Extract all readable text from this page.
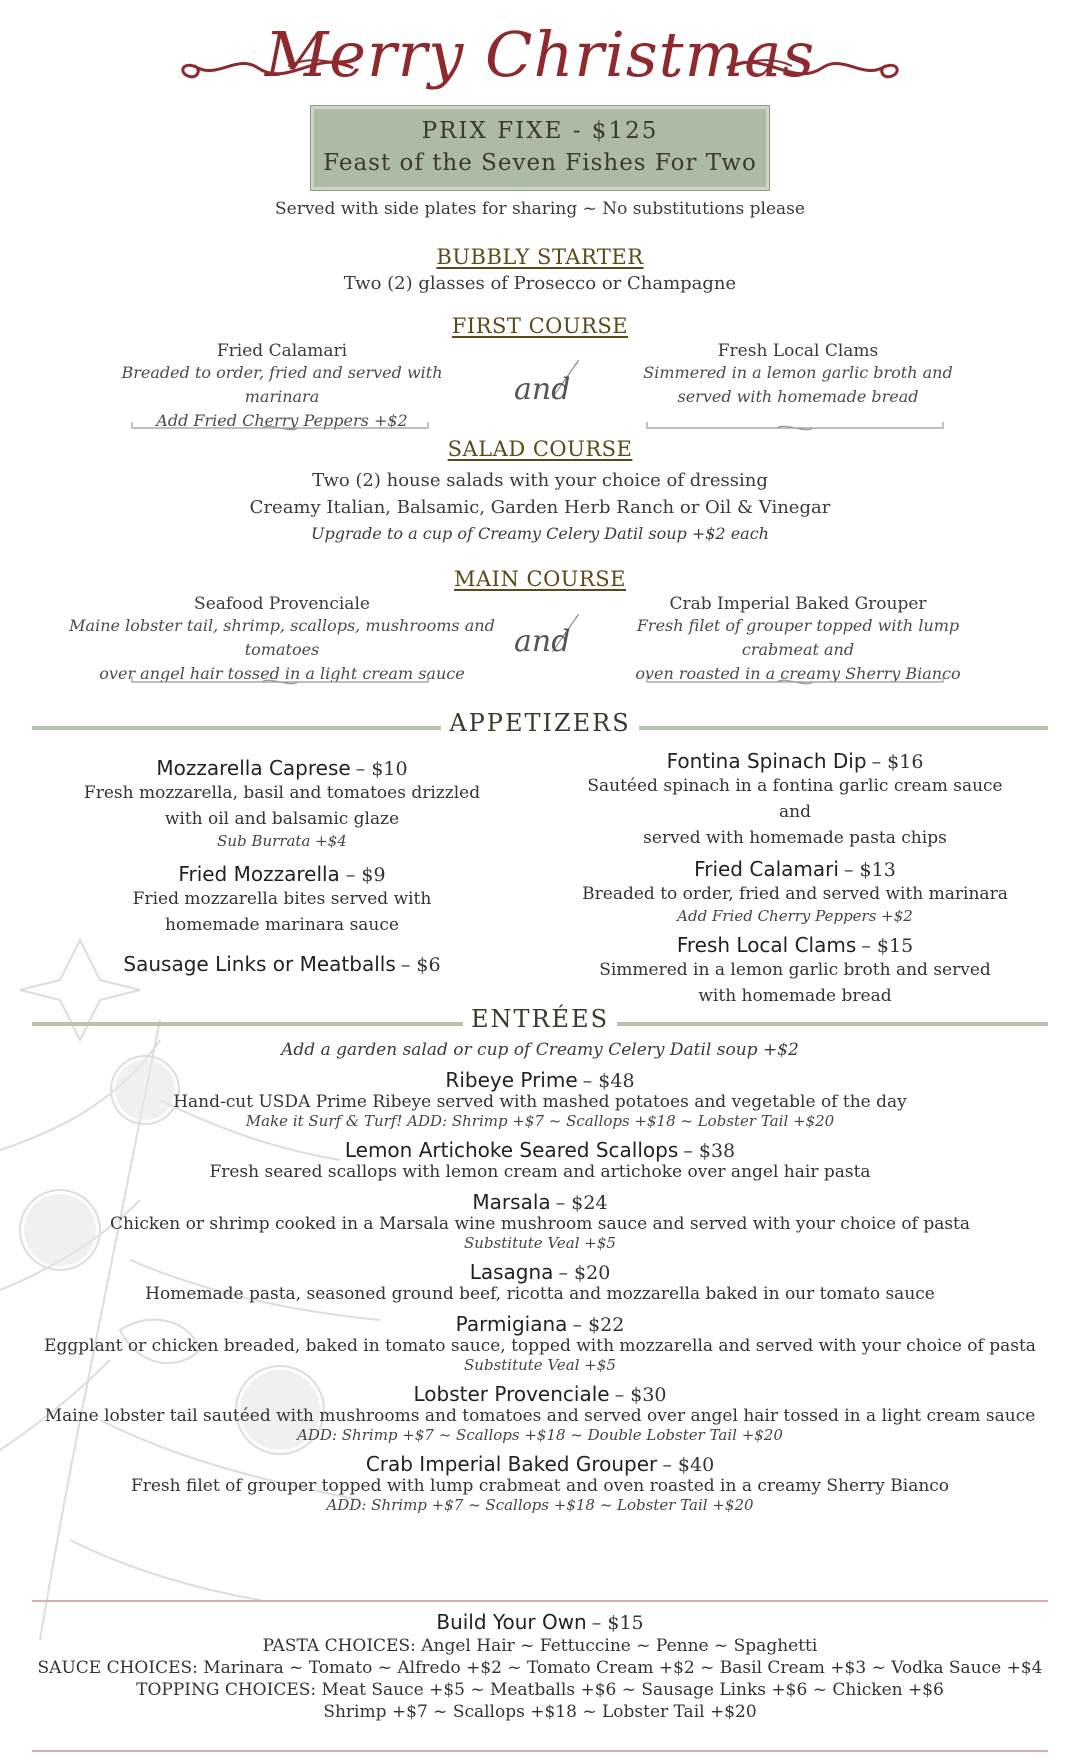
Merry Christmas
PRIX FIXE - $125
Feast of the Seven Fishes For Two
Served with side plates for sharing ~ No substitutions please
BUBBLY STARTER
Two (2) glasses of Prosecco or Champagne
FIRST COURSE
Fried Calamari
Breaded to order, fried and served with marinara
Add Fried Cherry Peppers +$2
and
Fresh Local Clams
Simmered in a lemon garlic broth and
served with homemade bread
SALAD COURSE
Two (2) house salads with your choice of dressing
Creamy Italian, Balsamic, Garden Herb Ranch or Oil & Vinegar
Upgrade to a cup of Creamy Celery Datil soup +$2 each
MAIN COURSE
Seafood Provenciale
Maine lobster tail, shrimp, scallops, mushrooms and tomatoes
over angel hair tossed in a light cream sauce
and
Crab Imperial Baked Grouper
Fresh filet of grouper topped with lump crabmeat and
oven roasted in a creamy Sherry Bianco
APPETIZERS
Mozzarella Caprese – $10
Fresh mozzarella, basil and tomatoes drizzled
with oil and balsamic glaze
Sub Burrata +$4
Fried Mozzarella – $9
Fried mozzarella bites served with
homemade marinara sauce
Sausage Links or Meatballs – $6
Fontina Spinach Dip – $16
Sautéed spinach in a fontina garlic cream sauce and
served with homemade pasta chips
Fried Calamari – $13
Breaded to order, fried and served with marinara
Add Fried Cherry Peppers +$2
Fresh Local Clams – $15
Simmered in a lemon garlic broth and served
with homemade bread
ENTRÉES
Add a garden salad or cup of Creamy Celery Datil soup +$2
Ribeye Prime – $48
Hand-cut USDA Prime Ribeye served with mashed potatoes and vegetable of the day
Make it Surf & Turf! ADD: Shrimp +$7 ~ Scallops +$18 ~ Lobster Tail +$20
Lemon Artichoke Seared Scallops – $38
Fresh seared scallops with lemon cream and artichoke over angel hair pasta
Marsala – $24
Chicken or shrimp cooked in a Marsala wine mushroom sauce and served with your choice of pasta
Substitute Veal +$5
Lasagna – $20
Homemade pasta, seasoned ground beef, ricotta and mozzarella baked in our tomato sauce
Parmigiana – $22
Eggplant or chicken breaded, baked in tomato sauce, topped with mozzarella and served with your choice of pasta
Substitute Veal +$5
Lobster Provenciale – $30
Maine lobster tail sautéed with mushrooms and tomatoes and served over angel hair tossed in a light cream sauce
ADD: Shrimp +$7 ~ Scallops +$18 ~ Double Lobster Tail +$20
Crab Imperial Baked Grouper – $40
Fresh filet of grouper topped with lump crabmeat and oven roasted in a creamy Sherry Bianco
ADD: Shrimp +$7 ~ Scallops +$18 ~ Lobster Tail +$20
Build Your Own – $15
PASTA CHOICES: Angel Hair ~ Fettuccine ~ Penne ~ Spaghetti
SAUCE CHOICES: Marinara ~ Tomato ~ Alfredo +$2 ~ Tomato Cream +$2 ~ Basil Cream +$3 ~ Vodka Sauce +$4
TOPPING CHOICES: Meat Sauce +$5 ~ Meatballs +$6 ~ Sausage Links +$6 ~ Chicken +$6
Shrimp +$7 ~ Scallops +$18 ~ Lobster Tail +$20
